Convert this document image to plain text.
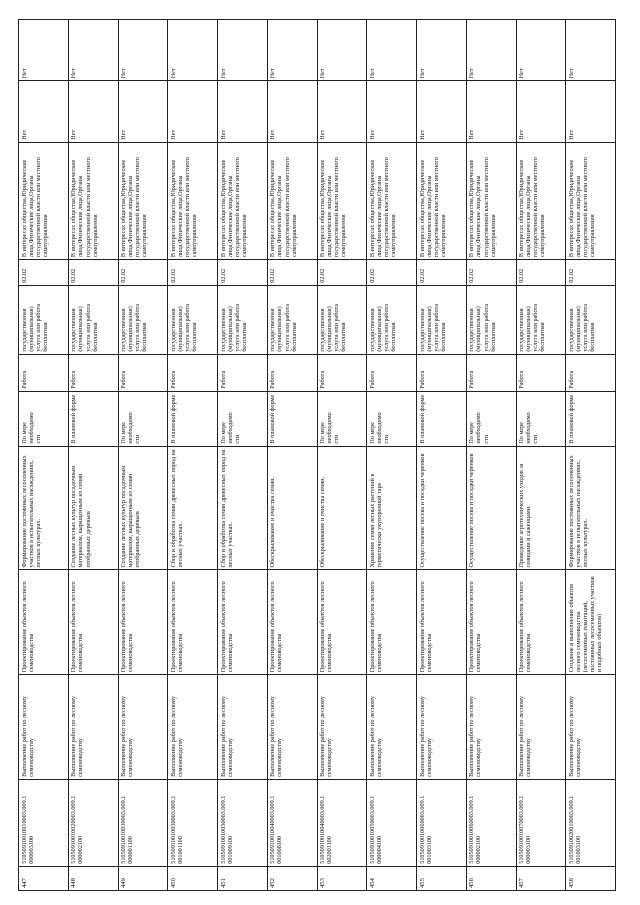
447	51050910010010003.009.1
000003100	Выполнение работ по лесному семеноводству	Проектирование объектов лесного семеноводства	Формирование постоянных лесосеменных участков в испытательных насаждениях, лесных культурах.	По мере необходимо
сти	Работа	государственная (муниципальная) услуга или работа бесплатная	02.02	В интересах общества,Юридические лица,Физические лица,Органы государственной власти или местного самоуправления	Нет	Нет
448	51050910010020003.009.1
000002100	Выполнение работ по лесному семеноводству	Проектирование объектов лесного семеноводства	Создание лесных культур посадочным материалом, выращенным из семян отобранных деревьев	В плановой форме	Работа	государственная (муниципальная) услуга или работа бесплатная	02.02	В интересах общества,Юридические лица,Физические лица,Органы государственной власти или местного самоуправления	Нет	Нет
449	51050910010030003.009.1
000001100	Выполнение работ по лесному семеноводству	Проектирование объектов лесного семеноводства	Создание лесных культур посадочным материалом, выращенным из семян отобранных деревьев	По мере необходимо
сти	Работа	государственная (муниципальная) услуга или работа бесплатная	02.02	В интересах общества,Юридические лица,Физические лица,Органы государственной власти или местного самоуправления	Нет	Нет
450	51050910010030003.009.1
001001100	Выполнение работ по лесному семеноводству	Проектирование объектов лесного семеноводства	Сбор и обработка семян древесных пород на лесных участках.	В плановой форме	Работа	государственная (муниципальная) услуга или работа бесплатная	02.02	В интересах общества,Юридические лица,Физические лица,Органы государственной власти или местного самоуправления	Нет	Нет
451	51050910010030003.009.1
001009100	Выполнение работ по лесному семеноводству	Проектирование объектов лесного семеноводства	Сбор и обработка семян древесных пород на лесных участках.	По мере необходимо
сти	Работа	государственная (муниципальная) услуга или работа бесплатная	02.02	В интересах общества,Юридические лица,Физические лица,Органы государственной власти или местного самоуправления	Нет	Нет
452	51050910010040003.009.1
001008100	Выполнение работ по лесному семеноводству	Проектирование объектов лесного семеноводства	Обескрыливание и очистка семян.	В плановой форме	Работа	государственная (муниципальная) услуга или работа бесплатная	02.02	В интересах общества,Юридические лица,Физические лица,Органы государственной власти или местного самоуправления	Нет	Нет
453	51050910010040003.009.1
002001100	Выполнение работ по лесному семеноводству	Проектирование объектов лесного семеноводства	Обескрыливание и очистка семян.	По мере необходимо
сти	Работа	государственная (муниципальная) услуга или работа бесплатная	02.02	В интересах общества,Юридические лица,Физические лица,Органы государственной власти или местного самоуправления	Нет	Нет
454	51050910010050003.009.1
000004100	Выполнение работ по лесному семеноводству	Проектирование объектов лесного семеноводства	Хранение семян лесных растений в герметически укупоренной таре	По мере необходимо
сти	Работа	государственная (муниципальная) услуга или работа бесплатная	02.02	В интересах общества,Юридические лица,Физические лица,Органы государственной власти или местного самоуправления	Нет	Нет
455	51050910010060003.009.1
001003100	Выполнение работ по лесному семеноводству	Проектирование объектов лесного семеноводства	Осуществление посева и посадки черенков	В плановой форме	Работа	государственная (муниципальная) услуга или работа бесплатная	02.02	В интересах общества,Юридические лица,Физические лица,Органы государственной власти или местного самоуправления	Нет	Нет
456	51050910010060003.009.1
000002100	Выполнение работ по лесному семеноводству	Проектирование объектов лесного семеноводства	Осуществление посева и посадки черенков	По мере необходимо
сти	Работа	государственная (муниципальная) услуга или работа бесплатная	02.02	В интересах общества,Юридические лица,Физические лица,Органы государственной власти или местного самоуправления	Нет	Нет
457	51050910010070003.009.1
000003100	Выполнение работ по лесному семеноводству	Проектирование объектов лесного семеноводства	Проведение агротехнических уходов за сеянцами и саженцами.	По мере необходимо
сти	Работа	государственная (муниципальная) услуга или работа бесплатная	02.02	В интересах общества,Юридические лица,Физические лица,Органы государственной власти или местного самоуправления	Нет	Нет
458	51050910020010003.009.1
001003100	Выполнение работ по лесному семеноводству	Создание и выполнение объектов лесного семеноводства (лесосеменных плантаций, постоянных лесосеменных участков и подобных объектов)	Формирование постоянных лесосеменных участков в испытательных насаждениях, лесных культурах.	В плановой форме	Работа	государственная (муниципальная) услуга или работа бесплатная	02.02	В интересах общества,Юридические лица,Физические лица,Органы государственной власти или местного самоуправления	Нет	Нет
